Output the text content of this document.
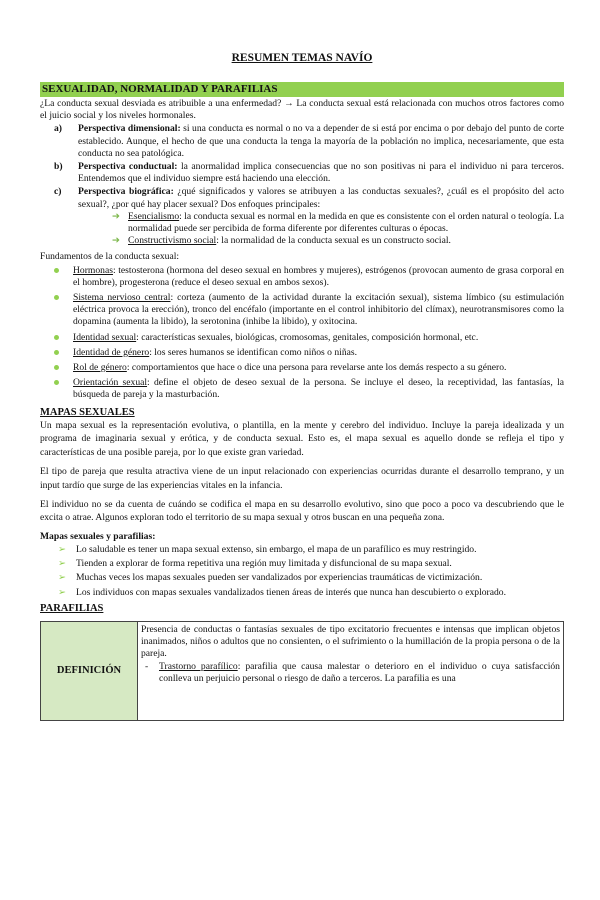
RESUMEN TEMAS NAVÍO
SEXUALIDAD, NORMALIDAD Y PARAFILIAS

¿La conducta sexual desviada es atribuible a una enfermedad? → La conducta sexual está relacionada con muchos otros factores como el juicio social y los niveles hormonales.

a) Perspectiva dimensional: si una conducta es normal o no va a depender de si está por encima o por debajo del punto de corte establecido. Aunque, el hecho de que una conducta la tenga la mayoría de la población no implica, necesariamente, que esta conducta no sea patológica.
b) Perspectiva conductual: la anormalidad implica consecuencias que no son positivas ni para el individuo ni para terceros. Entendemos que el individuo siempre está haciendo una elección.
c) Perspectiva biográfica: ¿qué significados y valores se atribuyen a las conductas sexuales?, ¿cuál es el propósito del acto sexual?, ¿por qué hay placer sexual? Dos enfoques principales:
➔ Esencialismo: la conducta sexual es normal en la medida en que es consistente con el orden natural o teología. La normalidad puede ser percibida de forma diferente por diferentes culturas o épocas.
➔ Constructivismo social: la normalidad de la conducta sexual es un constructo social.

Fundamentos de la conducta sexual:

Hormonas: testosterona (hormona del deseo sexual en hombres y mujeres), estrógenos (provocan aumento de grasa corporal en el hombre), progesterona (reduce el deseo sexual en ambos sexos).
Sistema nervioso central: corteza (aumento de la actividad durante la excitación sexual), sistema límbico (su estimulación eléctrica provoca la erección), tronco del encéfalo (importante en el control inhibitorio del clímax), neurotransmisores como la dopamina (aumenta la libido), la serotonina (inhibe la libido), y oxitocina.
Identidad sexual: características sexuales, biológicas, cromosomas, genitales, composición hormonal, etc.
Identidad de género: los seres humanos se identifican como niños o niñas.
Rol de género: comportamientos que hace o dice una persona para revelarse ante los demás respecto a su género.
Orientación sexual: define el objeto de deseo sexual de la persona. Se incluye el deseo, la receptividad, las fantasías, la búsqueda de pareja y la masturbación.
MAPAS SEXUALES

Un mapa sexual es la representación evolutiva, o plantilla, en la mente y cerebro del individuo. Incluye la pareja idealizada y un programa de imaginaria sexual y erótica, y de conducta sexual. Esto es, el mapa sexual es aquello donde se refleja el tipo y características de una posible pareja, por lo que existe gran variedad.

El tipo de pareja que resulta atractiva viene de un input relacionado con experiencias ocurridas durante el desarrollo temprano, y un input tardío que surge de las experiencias vitales en la infancia.

El individuo no se da cuenta de cuándo se codifica el mapa en su desarrollo evolutivo, sino que poco a poco va descubriendo que le excita o atrae. Algunos exploran todo el territorio de su mapa sexual y otros buscan en una pequeña zona.

Mapas sexuales y parafilias:

➢ Lo saludable es tener un mapa sexual extenso, sin embargo, el mapa de un parafílico es muy restringido.
➢ Tienden a explorar de forma repetitiva una región muy limitada y disfuncional de su mapa sexual.
➢ Muchas veces los mapas sexuales pueden ser vandalizados por experiencias traumáticas de victimización.
➢ Los individuos con mapas sexuales vandalizados tienen áreas de interés que nunca han descubierto o explorado.
PARAFILIAS
DEFINICIÓN

Presencia de conductas o fantasías sexuales de tipo excitatorio frecuentes e intensas que implican objetos inanimados, niños o adultos que no consienten, o el sufrimiento o la humillación de la propia persona o de la pareja.

- Trastorno parafílico: parafilia que causa malestar o deterioro en el individuo o cuya satisfacción conlleva un perjuicio personal o riesgo de daño a terceros. La parafilia es una
